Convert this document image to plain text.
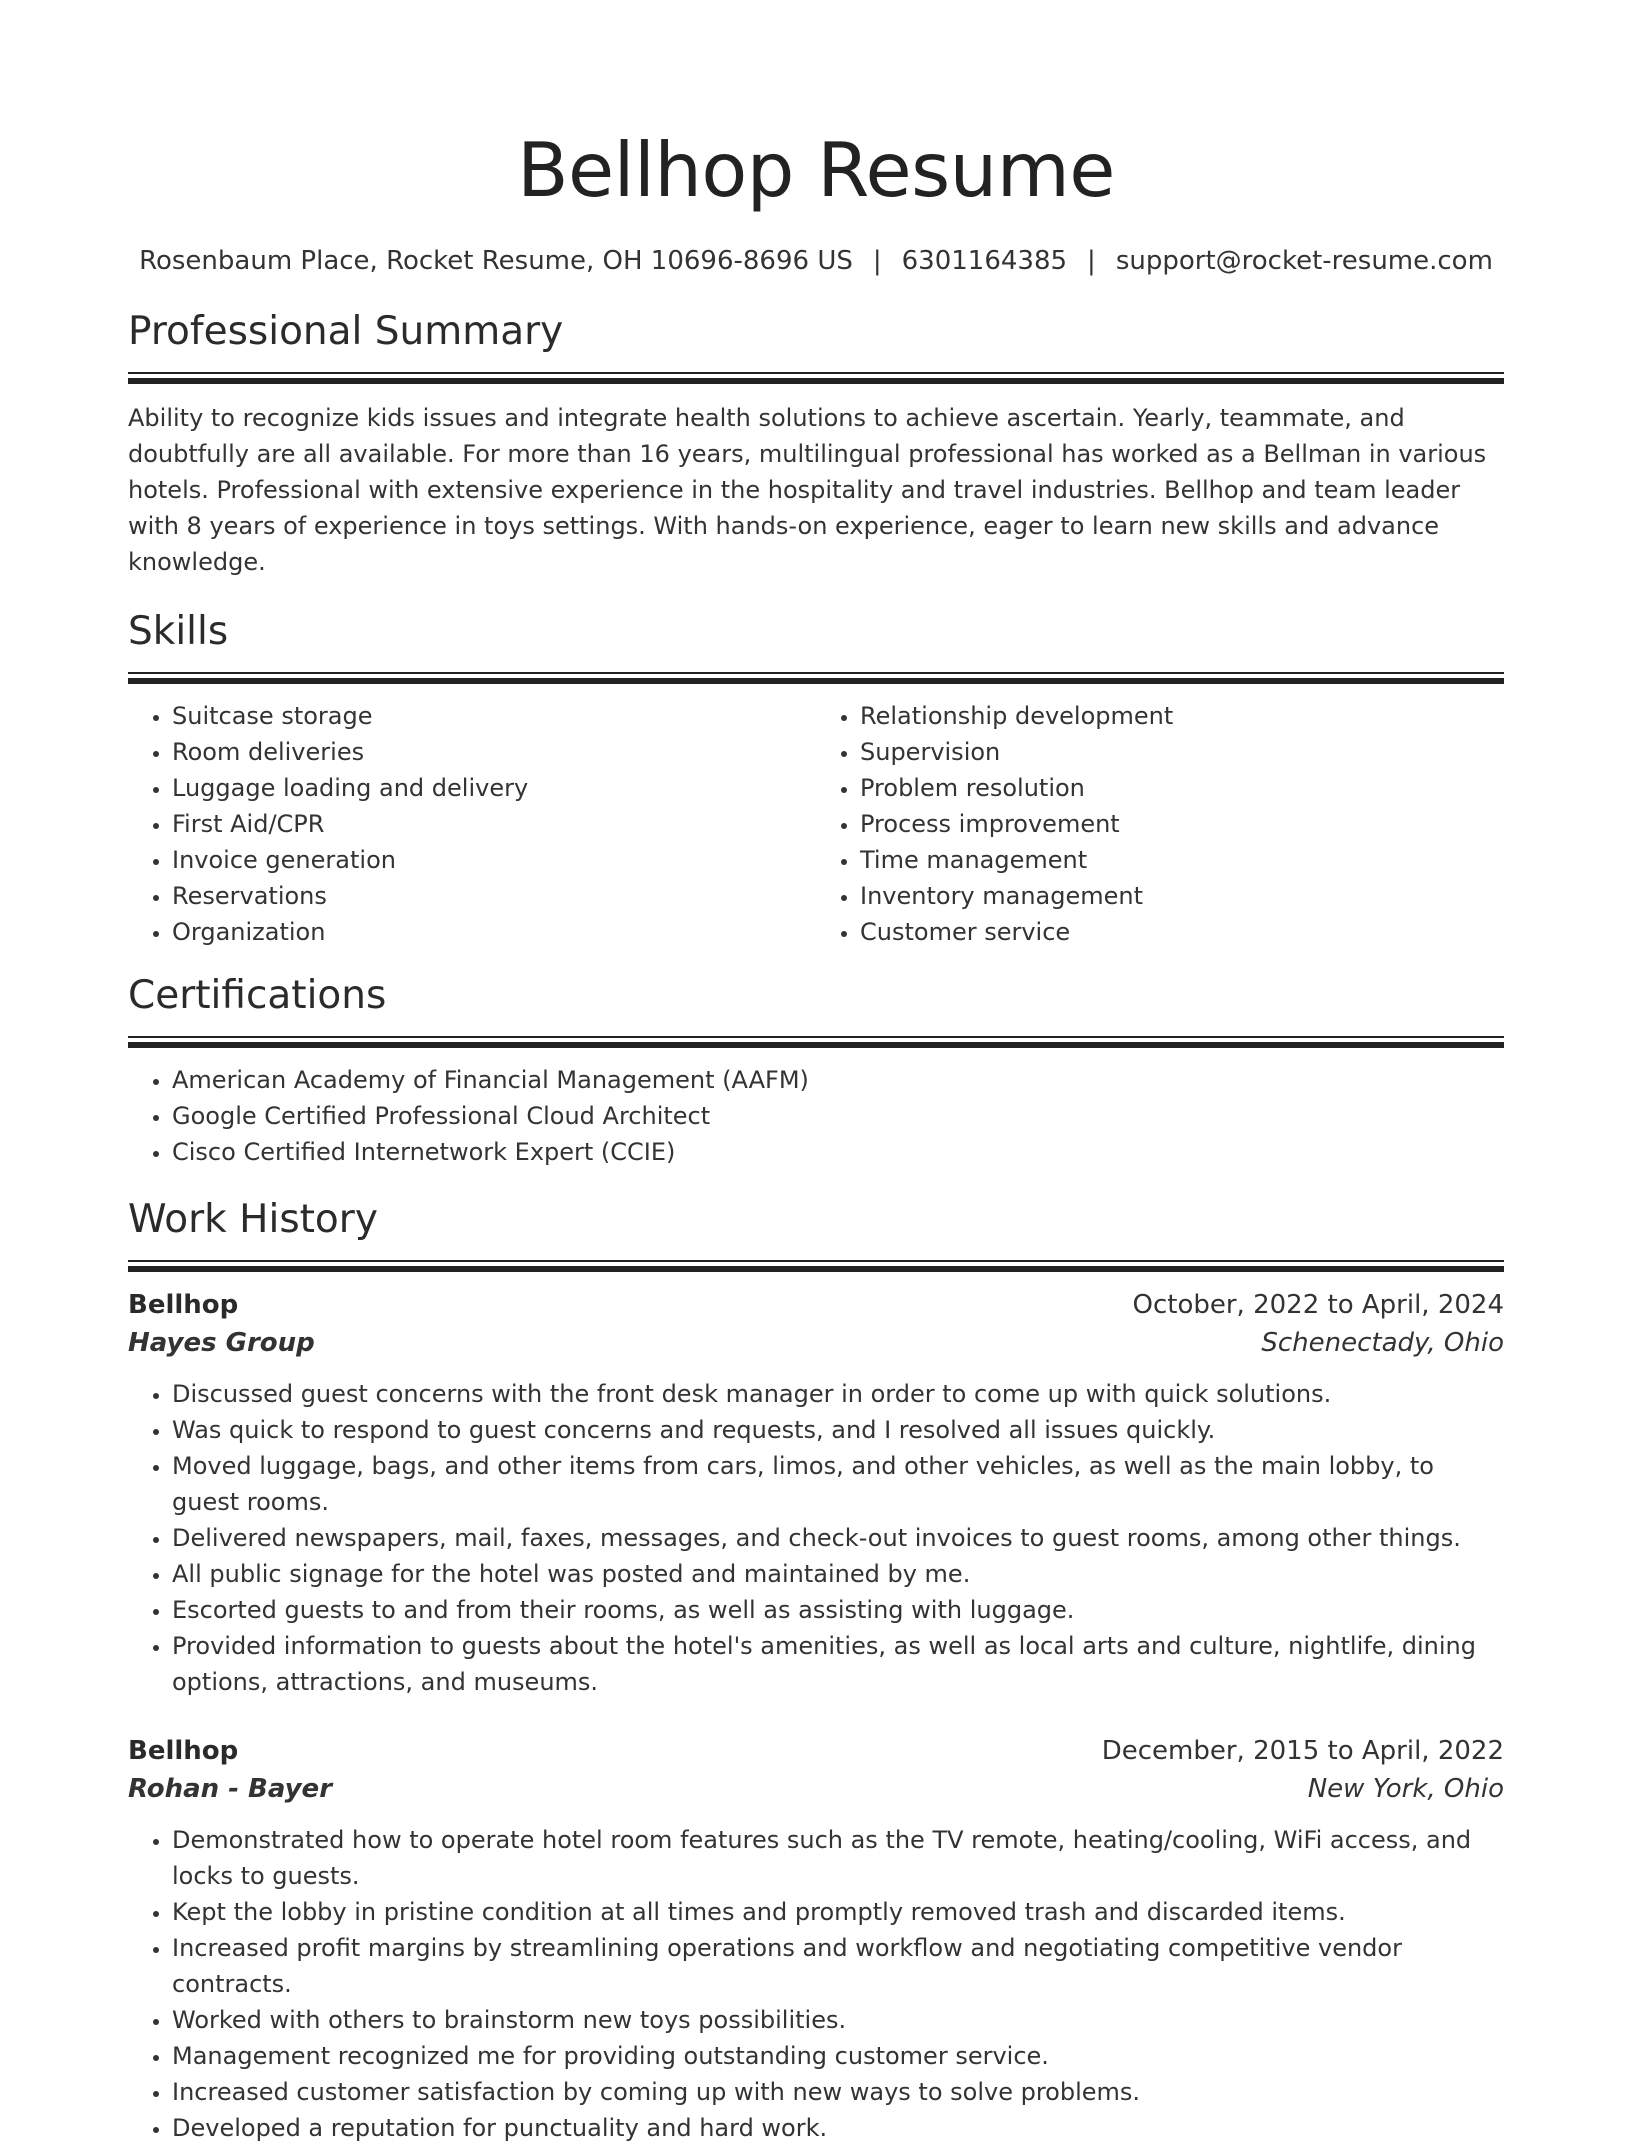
Bellhop Resume
Rosenbaum Place, Rocket Resume, OH 10696-8696 US | 6301164385 | support@rocket-resume.com
Professional Summary

Ability to recognize kids issues and integrate health solutions to achieve ascertain. Yearly, teammate, and doubtfully are all available. For more than 16 years, multilingual professional has worked as a Bellman in various hotels. Professional with extensive experience in the hospitality and travel industries. Bellhop and team leader with 8 years of experience in toys settings. With hands-on experience, eager to learn new skills and advance knowledge.

Skills
• Suitcase storage
• Room deliveries
• Luggage loading and delivery
• First Aid/CPR
• Invoice generation
• Reservations
• Organization
• Relationship development
• Supervision
• Problem resolution
• Process improvement
• Time management
• Inventory management
• Customer service
Certifications
• American Academy of Financial Management (AAFM)
• Google Certified Professional Cloud Architect
• Cisco Certified Internetwork Expert (CCIE)
Work History
Bellhop	October, 2022 to April, 2024
Hayes Group	Schenectady, Ohio
• Discussed guest concerns with the front desk manager in order to come up with quick solutions.
• Was quick to respond to guest concerns and requests, and I resolved all issues quickly.
• Moved luggage, bags, and other items from cars, limos, and other vehicles, as well as the main lobby, to guest rooms.
• Delivered newspapers, mail, faxes, messages, and check-out invoices to guest rooms, among other things.
• All public signage for the hotel was posted and maintained by me.
• Escorted guests to and from their rooms, as well as assisting with luggage.
• Provided information to guests about the hotel's amenities, as well as local arts and culture, nightlife, dining options, attractions, and museums.
Bellhop	December, 2015 to April, 2022
Rohan - Bayer	New York, Ohio
• Demonstrated how to operate hotel room features such as the TV remote, heating/cooling, WiFi access, and locks to guests.
• Kept the lobby in pristine condition at all times and promptly removed trash and discarded items.
• Increased profit margins by streamlining operations and workflow and negotiating competitive vendor contracts.
• Worked with others to brainstorm new toys possibilities.
• Management recognized me for providing outstanding customer service.
• Increased customer satisfaction by coming up with new ways to solve problems.
• Developed a reputation for punctuality and hard work.
